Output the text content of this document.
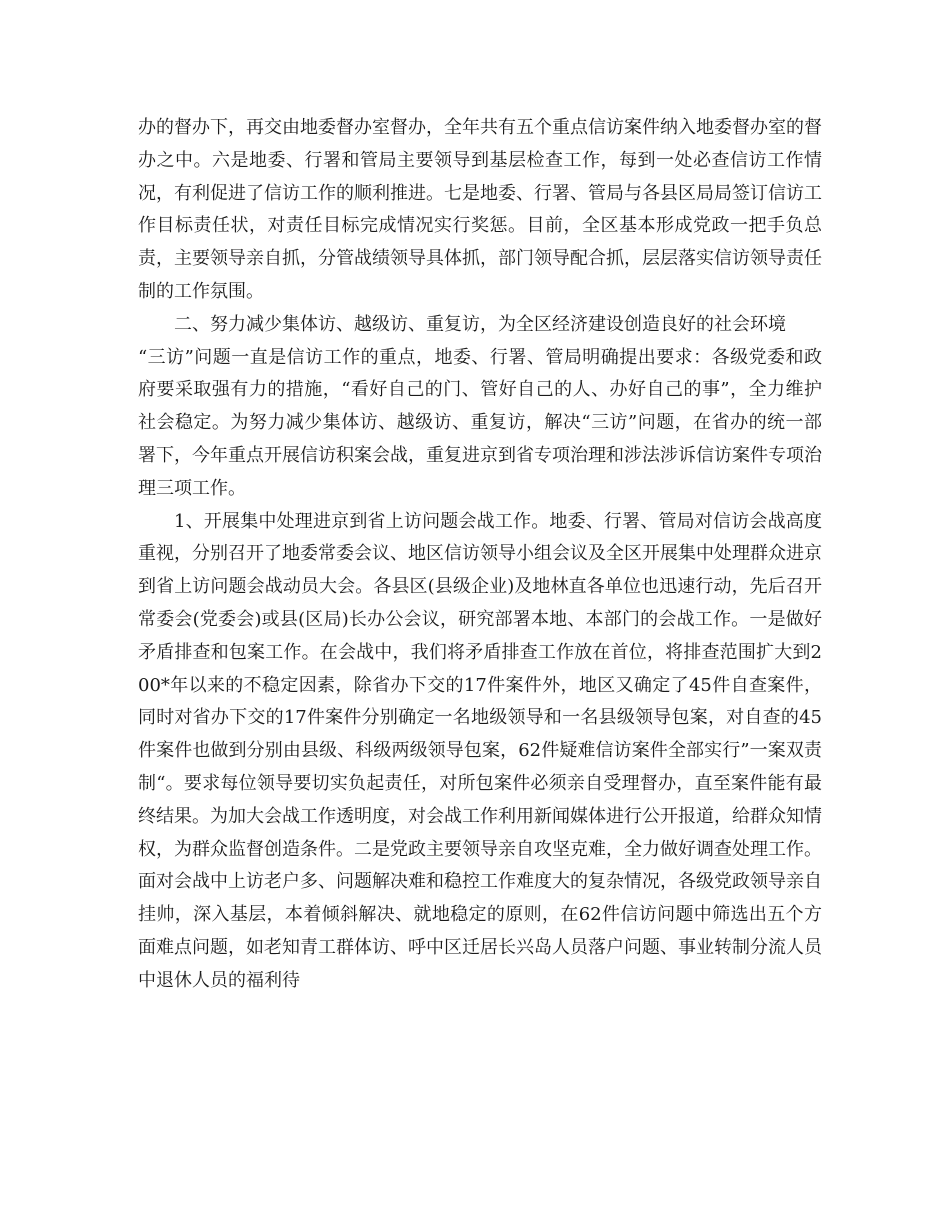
办的督办下，再交由地委督办室督办，全年共有五个重点信访案件纳入地委督办室的督办之中。六是地委、行署和管局主要领导到基层检查工作，每到一处必查信访工作情况，有利促进了信访工作的顺利推进。七是地委、行署、管局与各县区局局签订信访工作目标责任状，对责任目标完成情况实行奖惩。目前，全区基本形成党政一把手负总责，主要领导亲自抓，分管战绩领导具体抓，部门领导配合抓，层层落实信访领导责任制的工作氛围。

二、努力减少集体访、越级访、重复访，为全区经济建设创造良好的社会环境

“三访”问题一直是信访工作的重点，地委、行署、管局明确提出要求：各级党委和政府要采取强有力的措施，“看好自己的门、管好自己的人、办好自己的事”，全力维护社会稳定。为努力减少集体访、越级访、重复访，解决“三访”问题，在省办的统一部署下，今年重点开展信访积案会战，重复进京到省专项治理和涉法涉诉信访案件专项治理三项工作。

1、开展集中处理进京到省上访问题会战工作。地委、行署、管局对信访会战高度重视，分别召开了地委常委会议、地区信访领导小组会议及全区开展集中处理群众进京到省上访问题会战动员大会。各县区(县级企业)及地林直各单位也迅速行动，先后召开常委会(党委会)或县(区局)长办公会议，研究部署本地、本部门的会战工作。一是做好矛盾排查和包案工作。在会战中，我们将矛盾排查工作放在首位，将排查范围扩大到200*年以来的不稳定因素，除省办下交的17件案件外，地区又确定了45件自查案件，同时对省办下交的17件案件分别确定一名地级领导和一名县级领导包案，对自查的45件案件也做到分别由县级、科级两级领导包案，62件疑难信访案件全部实行”一案双责制“。要求每位领导要切实负起责任，对所包案件必须亲自受理督办，直至案件能有最终结果。为加大会战工作透明度，对会战工作利用新闻媒体进行公开报道，给群众知情权，为群众监督创造条件。二是党政主要领导亲自攻坚克难，全力做好调查处理工作。面对会战中上访老户多、问题解决难和稳控工作难度大的复杂情况，各级党政领导亲自挂帅，深入基层，本着倾斜解决、就地稳定的原则，在62件信访问题中筛选出五个方面难点问题，如老知青工群体访、呼中区迁居长兴岛人员落户问题、事业转制分流人员中退休人员的福利待
